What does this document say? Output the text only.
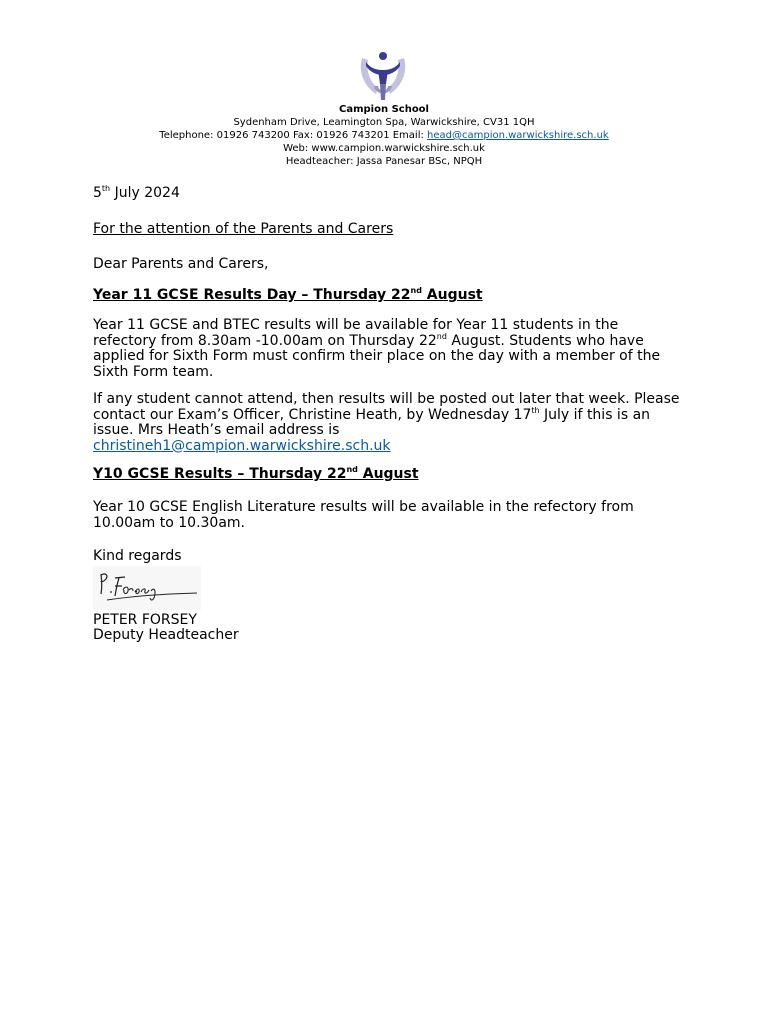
Campion School
Sydenham Drive, Leamington Spa, Warwickshire, CV31 1QH
Telephone: 01926 743200 Fax: 01926 743201 Email: head@campion.warwickshire.sch.uk
Web: www.campion.warwickshire.sch.uk
Headteacher: Jassa Panesar BSc, NPQH
5th July 2024
For the attention of the Parents and Carers
Dear Parents and Carers,
Year 11 GCSE Results Day – Thursday 22nd August
Year 11 GCSE and BTEC results will be available for Year 11 students in the refectory from 8.30am -10.00am on Thursday 22nd August. Students who have applied for Sixth Form must confirm their place on the day with a member of the Sixth Form team.
If any student cannot attend, then results will be posted out later that week. Please contact our Exam’s Officer, Christine Heath, by Wednesday 17th July if this is an issue. Mrs Heath’s email address is
christineh1@campion.warwickshire.sch.uk
Y10 GCSE Results – Thursday 22nd August
Year 10 GCSE English Literature results will be available in the refectory from 10.00am to 10.30am.
Kind regards
PETER FORSEY
Deputy Headteacher
